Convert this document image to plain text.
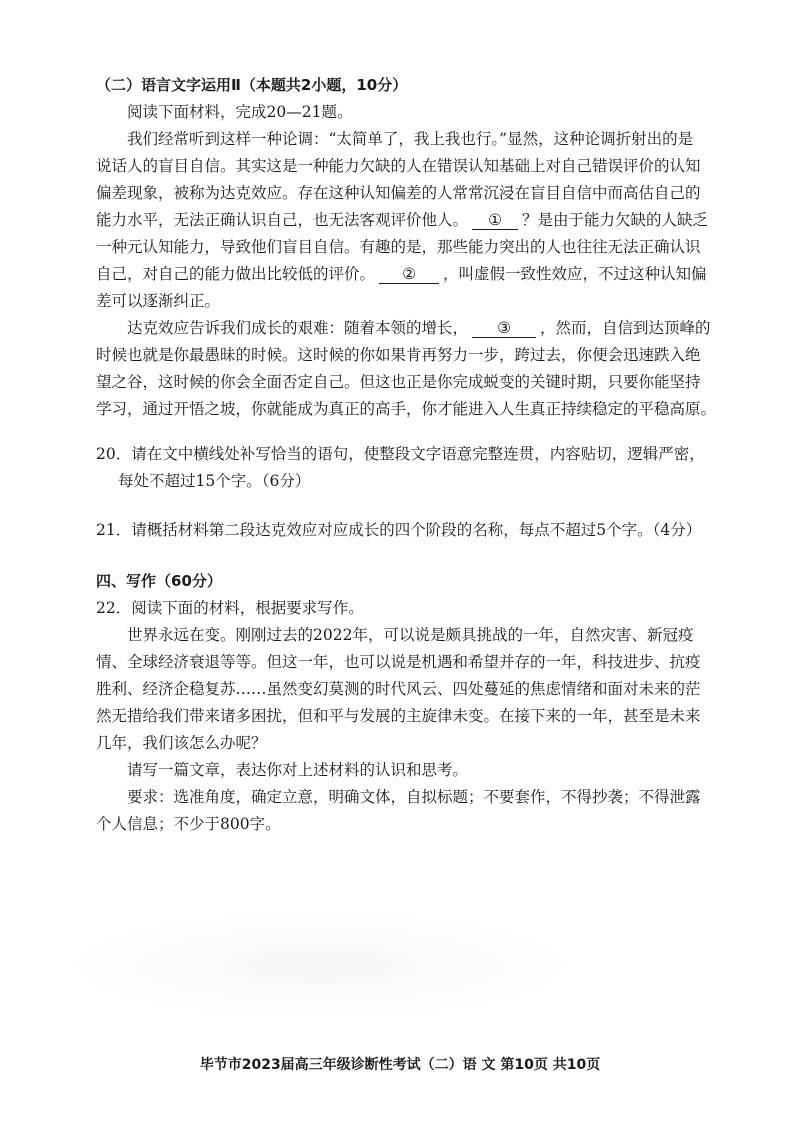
（二）语言文字运用Ⅱ（本题共2小题，10分）
阅读下面材料，完成20—21题。
我们经常听到这样一种论调：“太简单了，我上我也行。”显然，这种论调折射出的是
说话人的盲目自信。其实这是一种能力欠缺的人在错误认知基础上对自己错误评价的认知
偏差现象，被称为达克效应。存在这种认知偏差的人常常沉浸在盲目自信中而高估自己的
能力水平，无法正确认识自己，也无法客观评价他人。 ① ？是由于能力欠缺的人缺乏
一种元认知能力，导致他们盲目自信。有趣的是，那些能力突出的人也往往无法正确认识
自己，对自己的能力做出比较低的评价。 ② ，叫虚假一致性效应，不过这种认知偏
差可以逐渐纠正。
达克效应告诉我们成长的艰难：随着本领的增长， ③ ，然而，自信到达顶峰的
时候也就是你最愚昧的时候。这时候的你如果肯再努力一步，跨过去，你便会迅速跌入绝
望之谷，这时候的你会全面否定自己。但这也正是你完成蜕变的关键时期，只要你能坚持
学习，通过开悟之坡，你就能成为真正的高手，你才能进入人生真正持续稳定的平稳高原。
20．请在文中横线处补写恰当的语句，使整段文字语意完整连贯，内容贴切，逻辑严密，
每处不超过15个字。（6分）
21．请概括材料第二段达克效应对应成长的四个阶段的名称，每点不超过5个字。（4分）
四、写作（60分）
22．阅读下面的材料，根据要求写作。
世界永远在变。刚刚过去的2022年，可以说是颇具挑战的一年，自然灾害、新冠疫
情、全球经济衰退等等。但这一年，也可以说是机遇和希望并存的一年，科技进步、抗疫
胜利、经济企稳复苏……虽然变幻莫测的时代风云、四处蔓延的焦虑情绪和面对未来的茫
然无措给我们带来诸多困扰，但和平与发展的主旋律未变。在接下来的一年，甚至是未来
几年，我们该怎么办呢？
请写一篇文章，表达你对上述材料的认识和思考。
要求：选准角度，确定立意，明确文体，自拟标题；不要套作，不得抄袭；不得泄露
个人信息；不少于800字。
毕节市2023届高三年级诊断性考试（二）语 文 第10页 共10页
